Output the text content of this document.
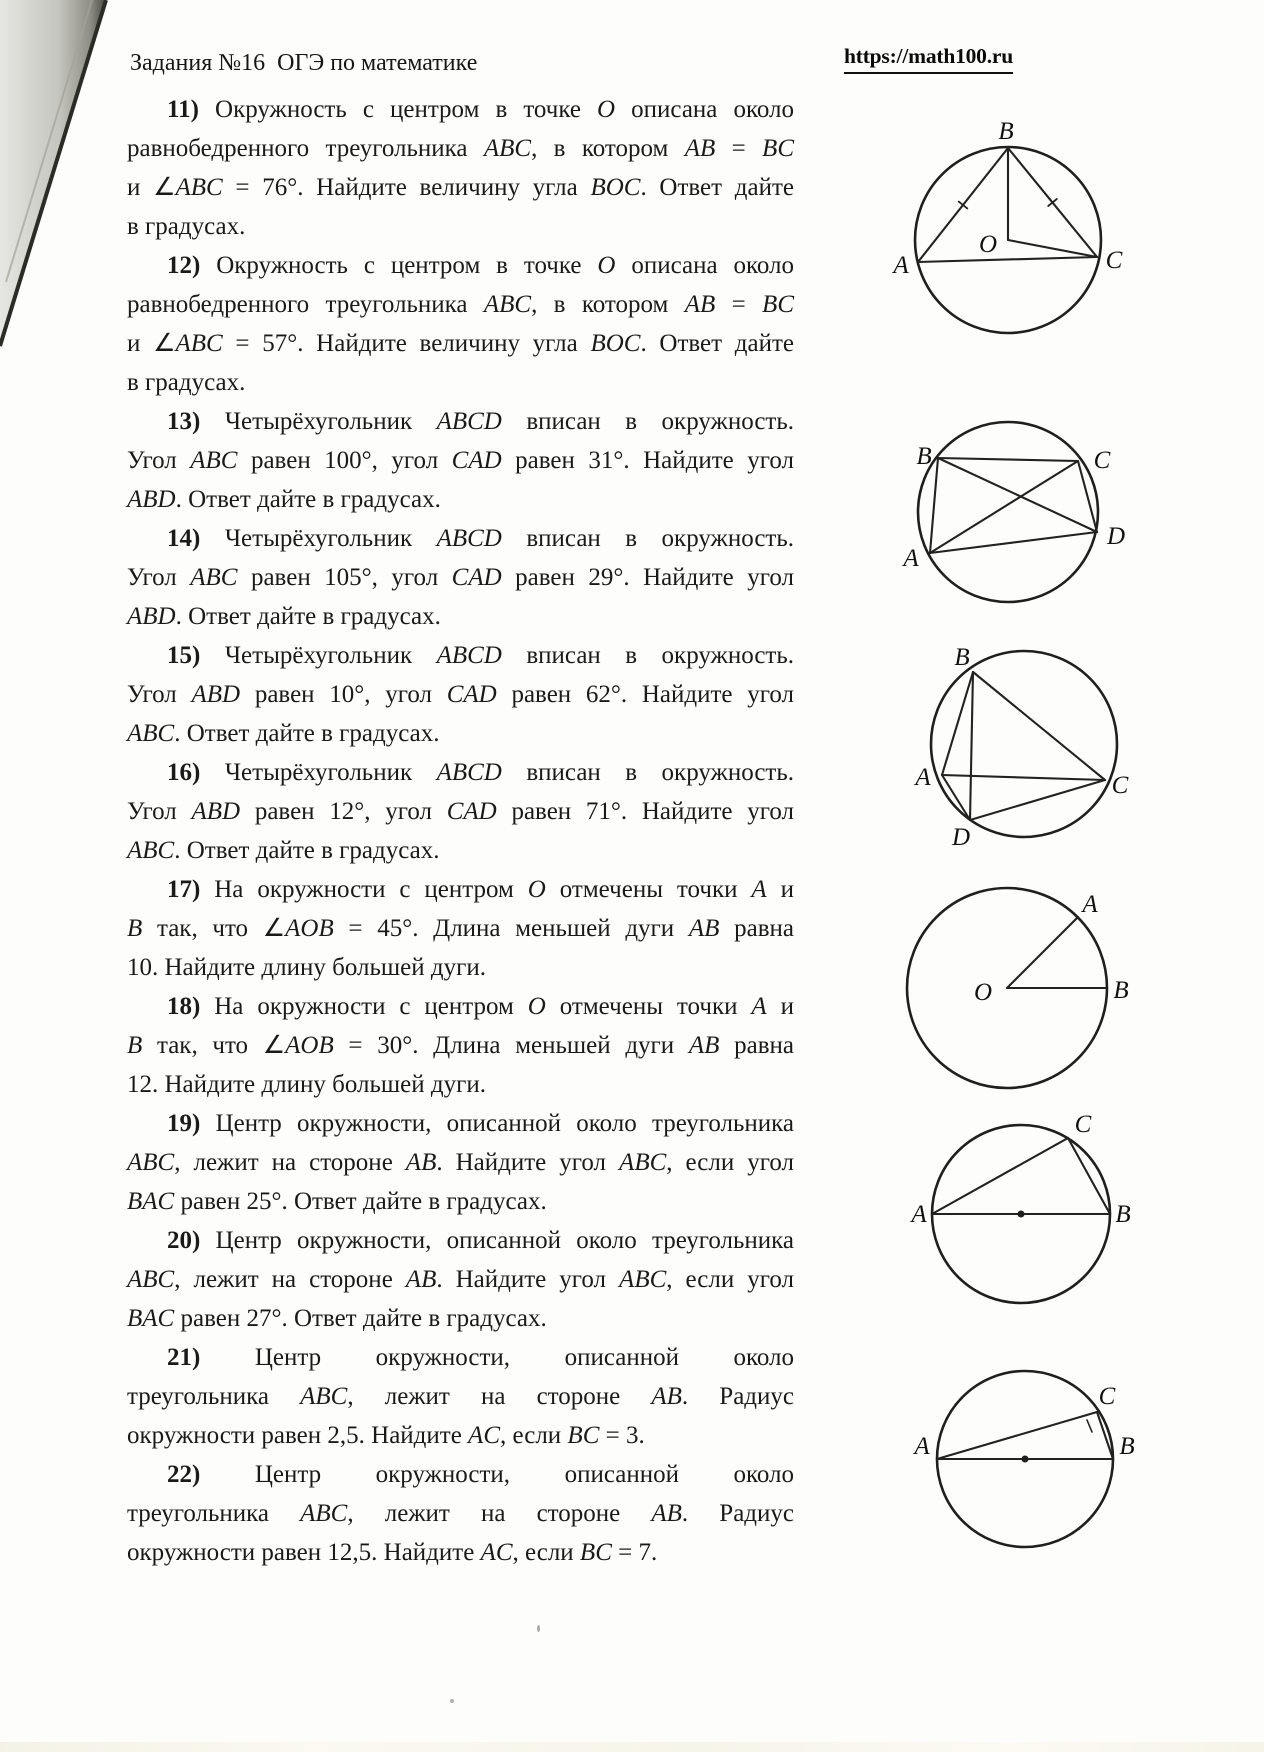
Задания №16  ОГЭ по математике	https://math100.ru
11) Окружность с центром в точке O описана около
равнобедренного треугольника ABC, в котором AB = BC
и ∠ABC = 76°. Найдите величину угла BOC. Ответ дайте
в градусах.
12) Окружность с центром в точке O описана около
равнобедренного треугольника ABC, в котором AB = BC
и ∠ABC = 57°. Найдите величину угла BOC. Ответ дайте
в градусах.
13) Четырёхугольник ABCD вписан в окружность.
Угол ABC равен 100°, угол CAD равен 31°. Найдите угол
ABD. Ответ дайте в градусах.
14) Четырёхугольник ABCD вписан в окружность.
Угол ABC равен 105°, угол CAD равен 29°. Найдите угол
ABD. Ответ дайте в градусах.
15) Четырёхугольник ABCD вписан в окружность.
Угол ABD равен 10°, угол CAD равен 62°. Найдите угол
ABC. Ответ дайте в градусах.
16) Четырёхугольник ABCD вписан в окружность.
Угол ABD равен 12°, угол CAD равен 71°. Найдите угол
ABC. Ответ дайте в градусах.
17) На окружности с центром O отмечены точки A и
B так, что ∠AOB = 45°. Длина меньшей дуги AB равна
10. Найдите длину большей дуги.
18) На окружности с центром O отмечены точки A и
B так, что ∠AOB = 30°. Длина меньшей дуги AB равна
12. Найдите длину большей дуги.
19) Центр окружности, описанной около треугольника
ABC, лежит на стороне AB. Найдите угол ABC, если угол
BAC равен 25°. Ответ дайте в градусах.
20) Центр окружности, описанной около треугольника
ABC, лежит на стороне AB. Найдите угол ABC, если угол
BAC равен 27°. Ответ дайте в градусах.
21) Центр окружности, описанной около
треугольника ABC, лежит на стороне AB. Радиус
окружности равен 2,5. Найдите AC, если BC = 3.
22) Центр окружности, описанной около
треугольника ABC, лежит на стороне AB. Радиус
окружности равен 12,5. Найдите AC, если BC = 7.
B
A	C
O
B	C
D
A
B
A	C
D
O
A
B
A	B
C
A	B
C
